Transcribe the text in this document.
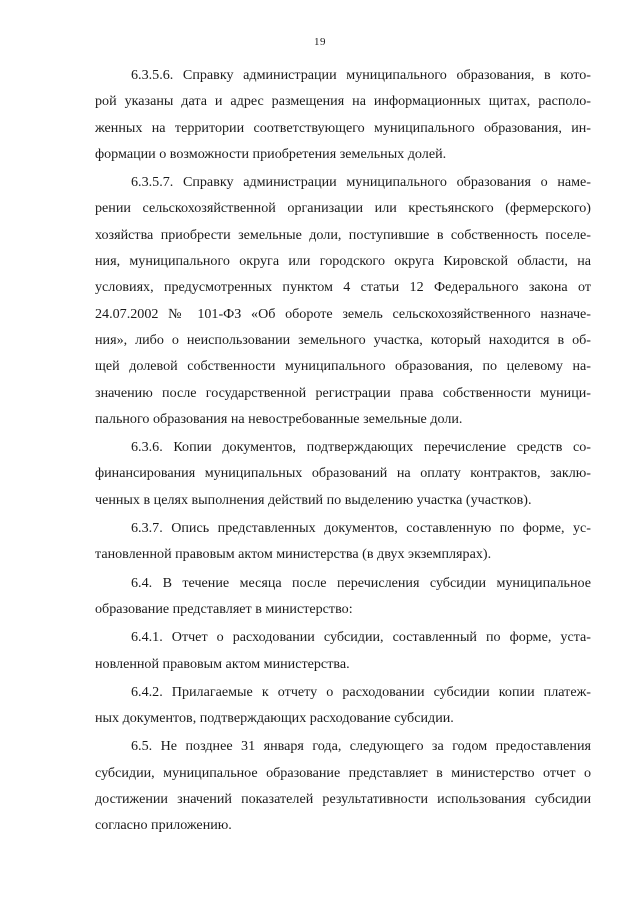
19
6.3.5.6. Справку администрации муниципального образования, в кото-
рой указаны дата и адрес размещения на информационных щитах, располо-
женных на территории соответствующего муниципального образования, ин-
формации о возможности приобретения земельных долей.
6.3.5.7. Справку администрации муниципального образования о наме-
рении сельскохозяйственной организации или крестьянского (фермерского)
хозяйства приобрести земельные доли, поступившие в собственность поселе-
ния, муниципального округа или городского округа Кировской области, на
условиях, предусмотренных пунктом 4 статьи 12 Федерального закона от
24.07.2002 № 101-ФЗ «Об обороте земель сельскохозяйственного назначе-
ния», либо о неиспользовании земельного участка, который находится в об-
щей долевой собственности муниципального образования, по целевому на-
значению после государственной регистрации права собственности муници-
пального образования на невостребованные земельные доли.
6.3.6. Копии документов, подтверждающих перечисление средств со-
финансирования муниципальных образований на оплату контрактов, заклю-
ченных в целях выполнения действий по выделению участка (участков).
6.3.7. Опись представленных документов, составленную по форме, ус-
тановленной правовым актом министерства (в двух экземплярах).
6.4. В течение месяца после перечисления субсидии муниципальное
образование представляет в министерство:
6.4.1. Отчет о расходовании субсидии, составленный по форме, уста-
новленной правовым актом министерства.
6.4.2. Прилагаемые к отчету о расходовании субсидии копии платеж-
ных документов, подтверждающих расходование субсидии.
6.5. Не позднее 31 января года, следующего за годом предоставления
субсидии, муниципальное образование представляет в министерство отчет о
достижении значений показателей результативности использования субсидии
согласно приложению.
